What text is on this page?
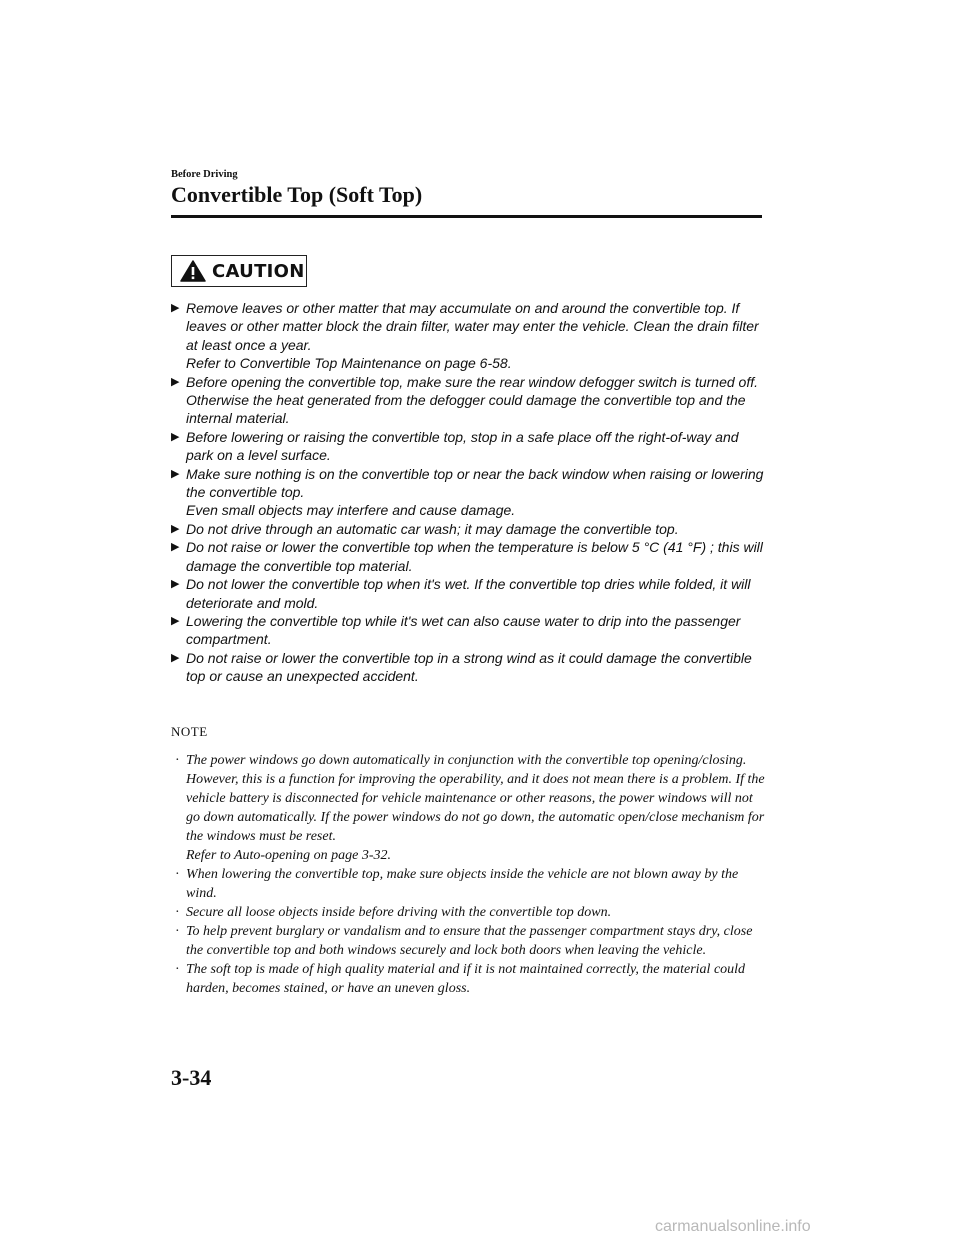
Before Driving
Convertible Top (Soft Top)
CAUTION
▶ Remove leaves or other matter that may accumulate on and around the convertible top. If leaves or other matter block the drain filter, water may enter the vehicle. Clean the drain filter at least once a year.
Refer to Convertible Top Maintenance on page 6-58.
▶ Before opening the convertible top, make sure the rear window defogger switch is turned off. Otherwise the heat generated from the defogger could damage the convertible top and the internal material.
▶ Before lowering or raising the convertible top, stop in a safe place off the right-of-way and park on a level surface.
▶ Make sure nothing is on the convertible top or near the back window when raising or lowering the convertible top.
Even small objects may interfere and cause damage.
▶ Do not drive through an automatic car wash; it may damage the convertible top.
▶ Do not raise or lower the convertible top when the temperature is below 5 °C (41 °F) ; this will damage the convertible top material.
▶ Do not lower the convertible top when it's wet. If the convertible top dries while folded, it will deteriorate and mold.
▶ Lowering the convertible top while it's wet can also cause water to drip into the passenger compartment.
▶ Do not raise or lower the convertible top in a strong wind as it could damage the convertible top or cause an unexpected accident.
NOTE
· The power windows go down automatically in conjunction with the convertible top opening/closing. However, this is a function for improving the operability, and it does not mean there is a problem. If the vehicle battery is disconnected for vehicle maintenance or other reasons, the power windows will not go down automatically. If the power windows do not go down, the automatic open/close mechanism for the windows must be reset.
Refer to Auto-opening on page 3-32.
· When lowering the convertible top, make sure objects inside the vehicle are not blown away by the wind.
· Secure all loose objects inside before driving with the convertible top down.
· To help prevent burglary or vandalism and to ensure that the passenger compartment stays dry, close the convertible top and both windows securely and lock both doors when leaving the vehicle.
· The soft top is made of high quality material and if it is not maintained correctly, the material could harden, becomes stained, or have an uneven gloss.
3-34
carmanualsonline.info
